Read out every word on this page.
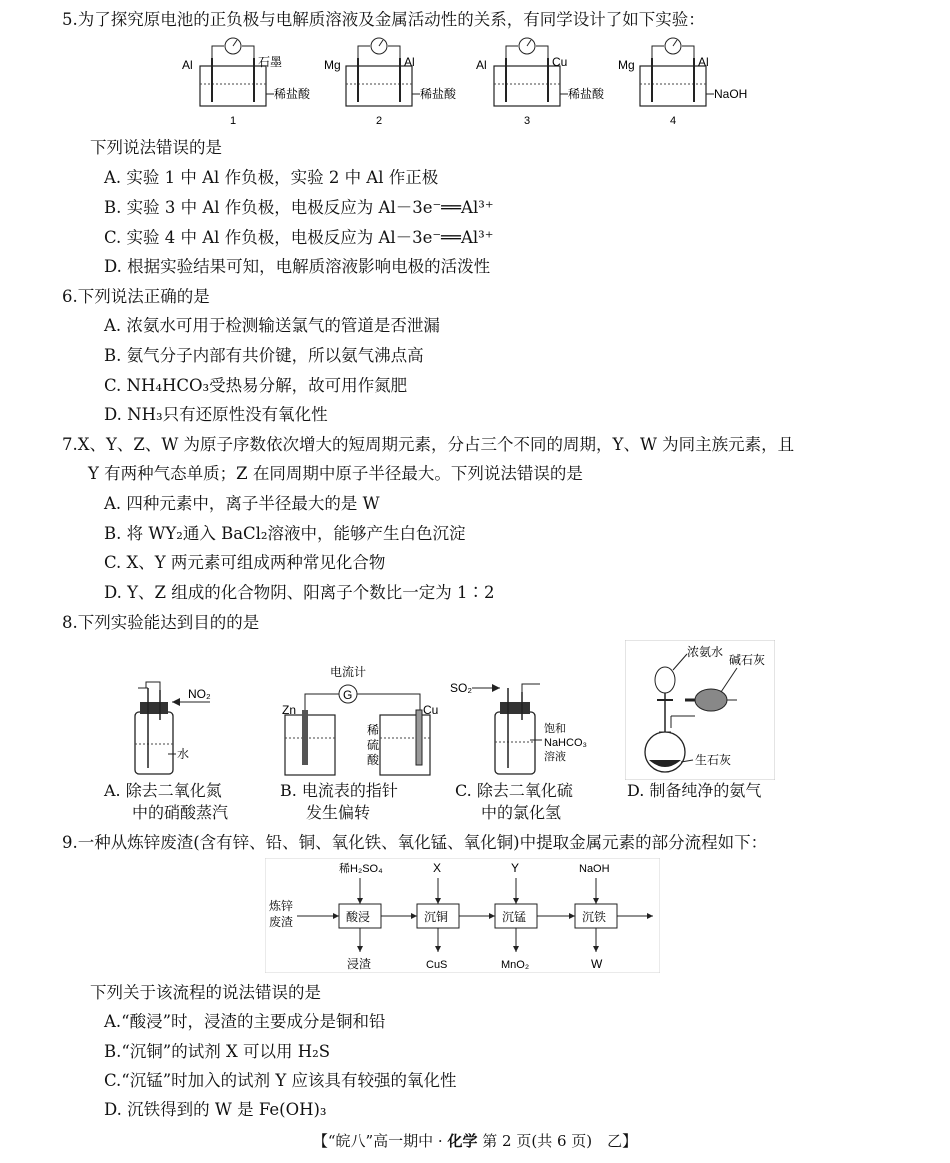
5.为了探究原电池的正负极与电解质溶液及金属活动性的关系，有同学设计了如下实验：
Al	石墨
稀盐酸
1
Mg	Al
稀盐酸
2
Al	Cu
稀盐酸
3
Mg	Al
NaOH
4
下列说法错误的是
A. 实验 1 中 Al 作负极，实验 2 中 Al 作正极
B. 实验 3 中 Al 作负极，电极反应为 Al－3e⁻══Al³⁺
C. 实验 4 中 Al 作负极，电极反应为 Al－3e⁻══Al³⁺
D. 根据实验结果可知，电解质溶液影响电极的活泼性
6.下列说法正确的是
A. 浓氨水可用于检测输送氯气的管道是否泄漏
B. 氨气分子内部有共价键，所以氨气沸点高
C. NH₄HCO₃受热易分解，故可用作氮肥
D. NH₃只有还原性没有氧化性
7.X、Y、Z、W 为原子序数依次增大的短周期元素，分占三个不同的周期，Y、W 为同主族元素，且
Y 有两种气态单质；Z 在同周期中原子半径最大。下列说法错误的是
A. 四种元素中，离子半径最大的是 W
B. 将 WY₂通入 BaCl₂溶液中，能够产生白色沉淀
C. X、Y 两元素可组成两种常见化合物
D. Y、Z 组成的化合物阴、阳离子个数比一定为 1∶2
8.下列实验能达到目的的是
NO₂
水
电流计
G
Zn	Cu
稀
硫
酸
SO₂
饱和
NaHCO₃
溶液
浓氨水
碱石灰
生石灰
A. 除去二氧化氮
中的硝酸蒸汽
B. 电流表的指针
发生偏转
C. 除去二氧化硫
中的氯化氢
D. 制备纯净的氨气
9.一种从炼锌废渣(含有锌、铅、铜、氧化铁、氧化锰、氧化铜)中提取金属元素的部分流程如下：
炼锌
废渣	酸浸	沉铜	沉锰	沉铁
稀H₂SO₄	X	Y	NaOH
浸渣	CuS	MnO₂	W
下列关于该流程的说法错误的是
A.“酸浸”时，浸渣的主要成分是铜和铅
B.“沉铜”的试剂 X 可以用 H₂S
C.“沉锰”时加入的试剂 Y 应该具有较强的氧化性
D. 沉铁得到的 W 是 Fe(OH)₃
【“皖八”高一期中 · 化学 第 2 页(共 6 页)　乙】
